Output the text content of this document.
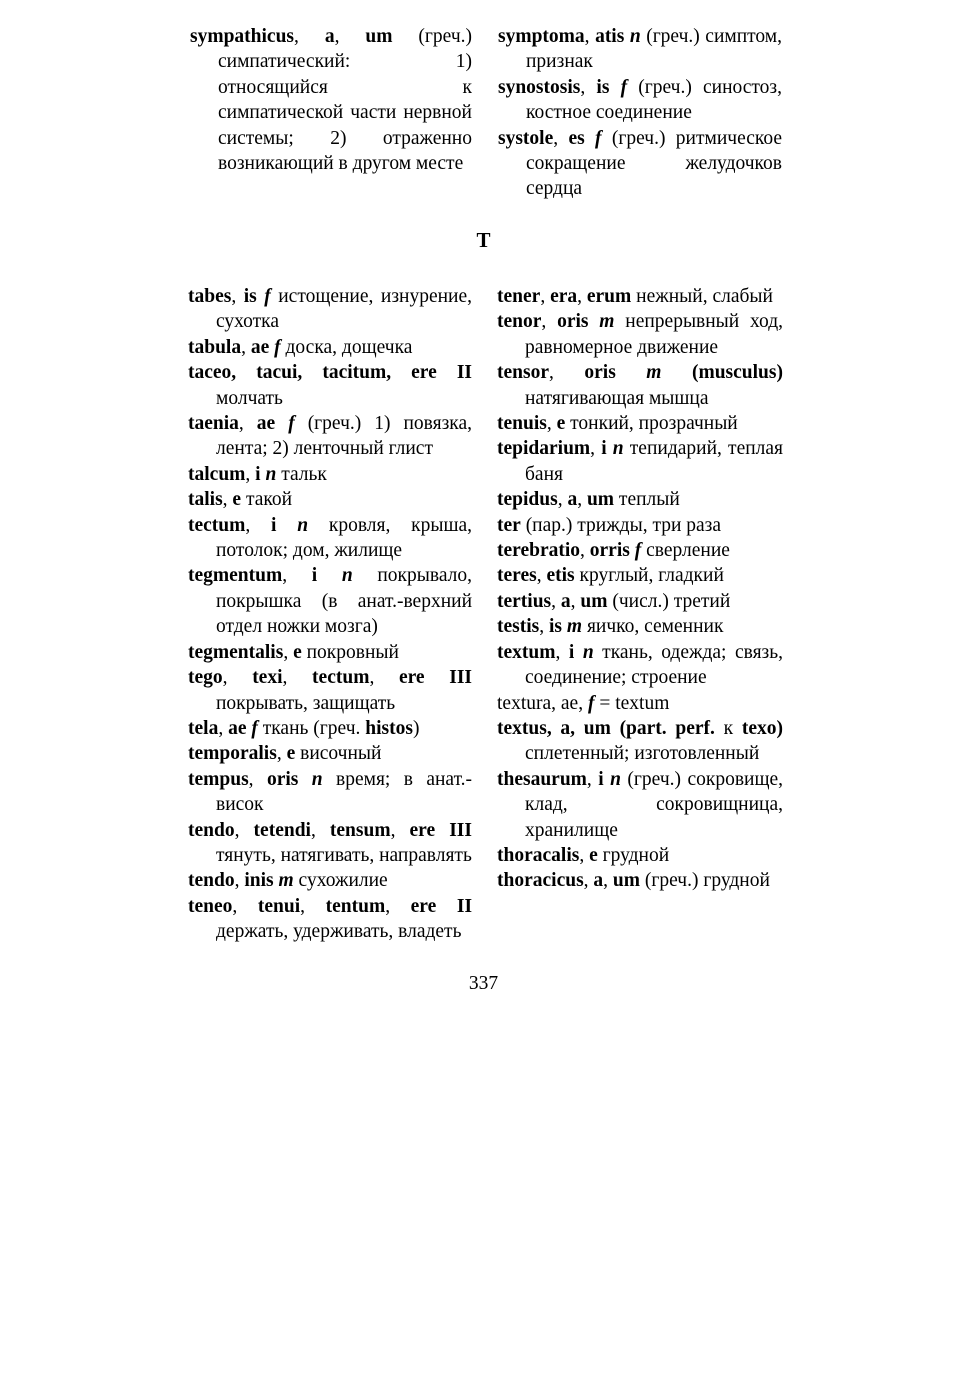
sympathicus, a, um (греч.) симпатический: 1) относящийся к симпатической части нервной системы; 2) отраженно возникающий в другом месте
symptoma, atis n (греч.) симптом, признак
synostosis, is f (греч.) синостоз, костное соединение
systole, es f (греч.) ритмическое сокращение желудочков сердца
T
tabes, is f истощение, изнурение, сухотка
tabula, ae f доска, дощечка
taceo, tacui, tacitum, ere II молчать
taenia, ae f (греч.) 1) повязка, лента; 2) ленточный глист
talcum, i n тальк
talis, e такой
tectum, i n кровля, крыша, потолок; дом, жилище
tegmentum, i n покрывало, покрышка (в анат.-верхний отдел ножки мозга)
tegmentalis, e покровный
tego, texi, tectum, ere III покрывать, защищать
tela, ae f ткань (греч. histos)
temporalis, e височный
tempus, oris n время; в анат.-висок
tendo, tetendi, tensum, ere III тянуть, натягивать, направлять
tendo, inis m сухожилие
teneo, tenui, tentum, ere II держать, удерживать, владеть
tener, era, erum нежный, слабый
tenor, oris m непрерывный ход, равномерное движение
tensor, oris m (musculus) натягивающая мышца
tenuis, e тонкий, прозрачный
tepidarium, i n тепидарий, теплая баня
tepidus, a, um теплый
ter (пар.) трижды, три раза
terebratio, orris f сверление
teres, etis круглый, гладкий
tertius, a, um (числ.) третий
testis, is m яичко, семенник
textum, i n ткань, одежда; связь, соединение; строение
textura, ae, f = textum
textus, a, um (part. perf. к texo) сплетенный; изготовленный
thesaurum, i n (греч.) сокровище, клад, сокровищница, хранилище
thoracalis, e грудной
thoracicus, a, um (греч.) грудной
337
